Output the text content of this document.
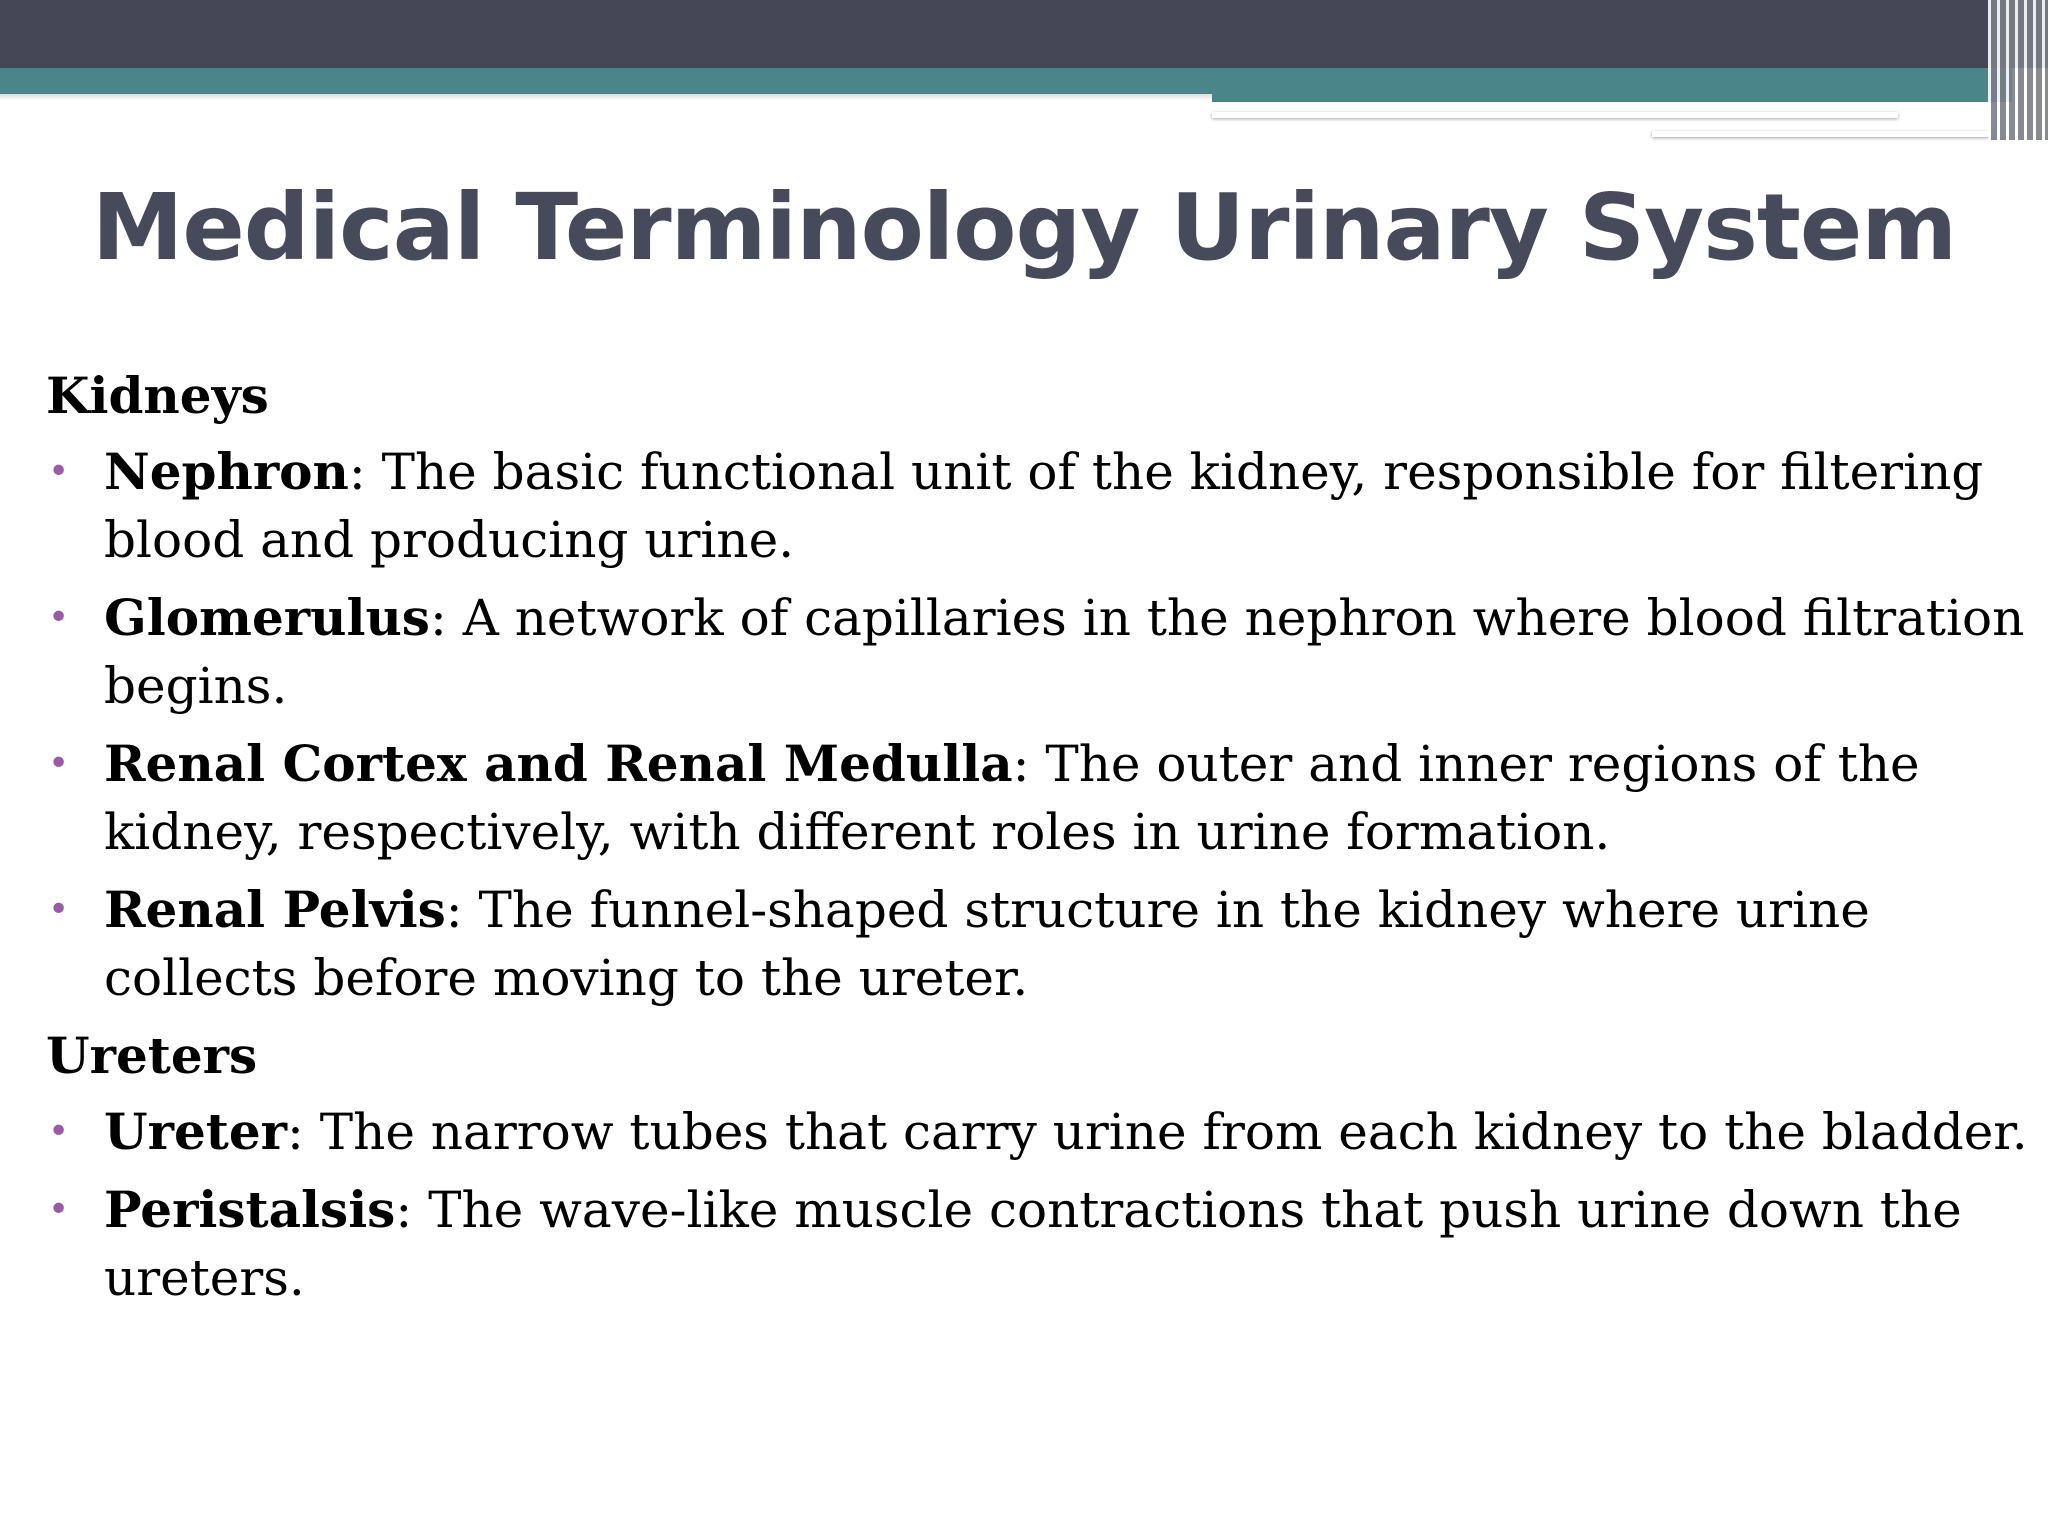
Medical Terminology Urinary System
Kidneys
• Nephron: The basic functional unit of the kidney, responsible for filtering blood and producing urine.
• Glomerulus: A network of capillaries in the nephron where blood filtration begins.
• Renal Cortex and Renal Medulla: The outer and inner regions of the kidney, respectively, with different roles in urine formation.
• Renal Pelvis: The funnel-shaped structure in the kidney where urine collects before moving to the ureter.
Ureters
• Ureter: The narrow tubes that carry urine from each kidney to the bladder.
• Peristalsis: The wave-like muscle contractions that push urine down the ureters.
